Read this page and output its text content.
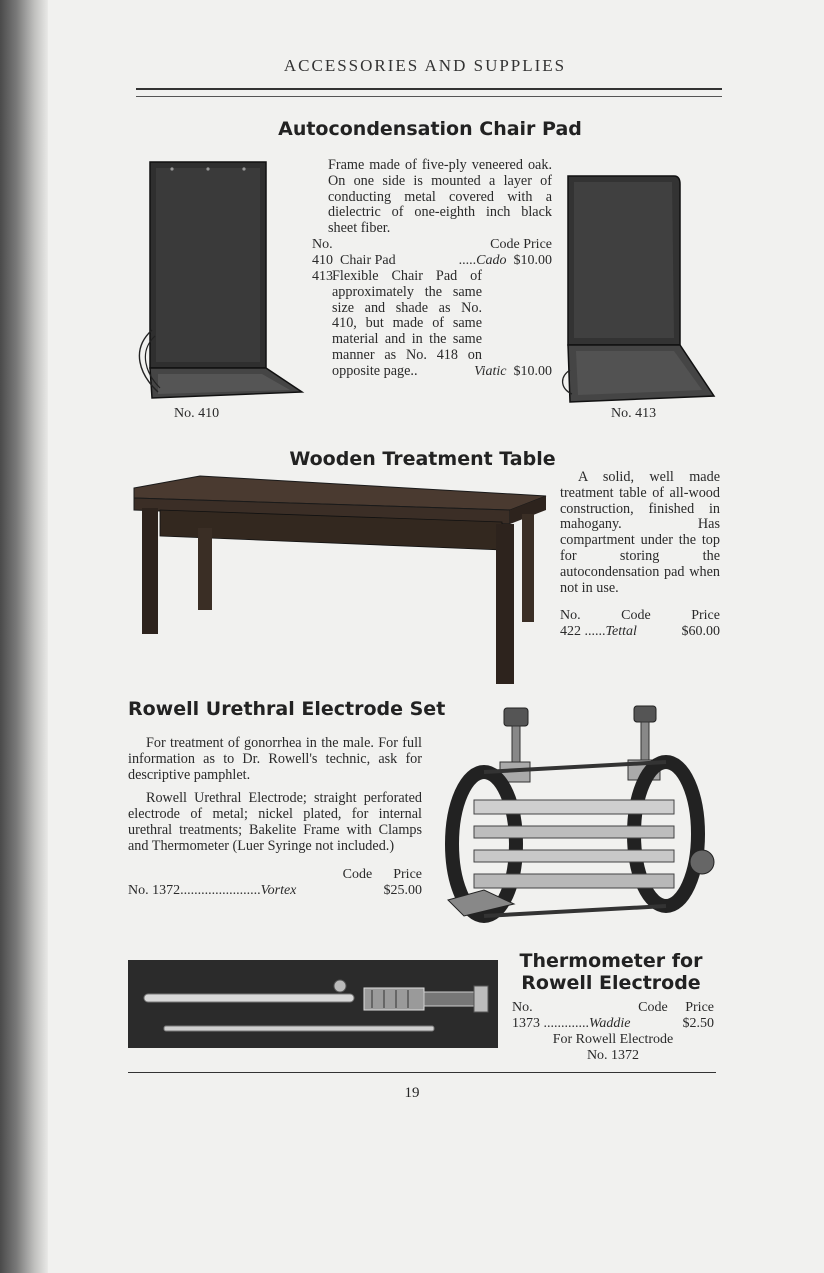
ACCESSORIES AND SUPPLIES
Autocondensation Chair Pad
No. 410	No. 413
Frame made of five-ply veneered oak. On one side is mounted a layer of conducting metal covered with a dielectric of one-eighth inch black sheet fiber.
No.	Code Price
410 Chair Pad	.....Cado $10.00
413 Flexible Chair Pad of approximately the same size and shade as No. 410, but made of same material and in the same manner as No. 418 on opposite page..	Viatic $10.00
Wooden Treatment Table
A solid, well made treatment table of all-wood construction, finished in mahogany. Has compartment under the top for storing the autocondensation pad when not in use.
No.	Code	Price
422 ......Tettal	$60.00
Rowell Urethral Electrode Set
For treatment of gonorrhea in the male. For full information as to Dr. Rowell's technic, ask for descriptive pamphlet.
Rowell Urethral Electrode; straight perforated electrode of metal; nickel plated, for internal urethral treatments; Bakelite Frame with Clamps and Thermometer (Luer Syringe not included.)
Code Price
No. 1372.......................Vortex	$25.00
Thermometer for
Rowell Electrode
No.	Code Price
1373 .............Waddie	$2.50
For Rowell Electrode
No. 1372
19
